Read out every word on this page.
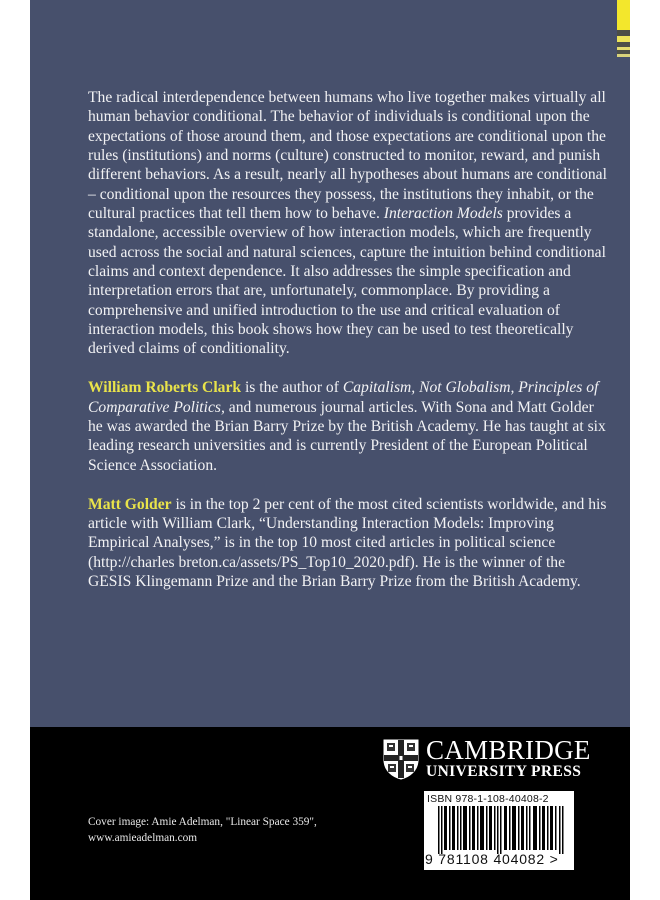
The radical interdependence between humans who live together makes virtually all human behavior conditional. The behavior of individuals is conditional upon the expectations of those around them, and those expectations are conditional upon the rules (institutions) and norms (culture) constructed to monitor, reward, and punish different behaviors. As a result, nearly all hypotheses about humans are conditional – conditional upon the resources they possess, the institutions they inhabit, or the cultural practices that tell them how to behave. Interaction Models provides a standalone, accessible overview of how interaction models, which are frequently used across the social and natural sciences, capture the intuition behind conditional claims and context dependence. It also addresses the simple specification and interpretation errors that are, unfortunately, commonplace. By providing a comprehensive and unified introduction to the use and critical evaluation of interaction models, this book shows how they can be used to test theoretically derived claims of conditionality.

William Roberts Clark is the author of Capitalism, Not Globalism, Principles of Comparative Politics, and numerous journal articles. With Sona and Matt Golder he was awarded the Brian Barry Prize by the British Academy. He has taught at six leading research universities and is currently President of the European Political Science Association.

Matt Golder is in the top 2 per cent of the most cited scientists worldwide, and his article with William Clark, “Understanding Interaction Models: Improving Empirical Analyses,” is in the top 10 most cited articles in political science (http://charles breton.ca/assets/PS_Top10_2020.pdf). He is the winner of the GESIS Klingemann Prize and the Brian Barry Prize from the British Academy.

CAMBRIDGE
UNIVERSITY PRESS
Cover image: Amie Adelman, "Linear Space 359",
www.amieadelman.com
ISBN 978-1-108-40408-2
9 781108 404082 >
